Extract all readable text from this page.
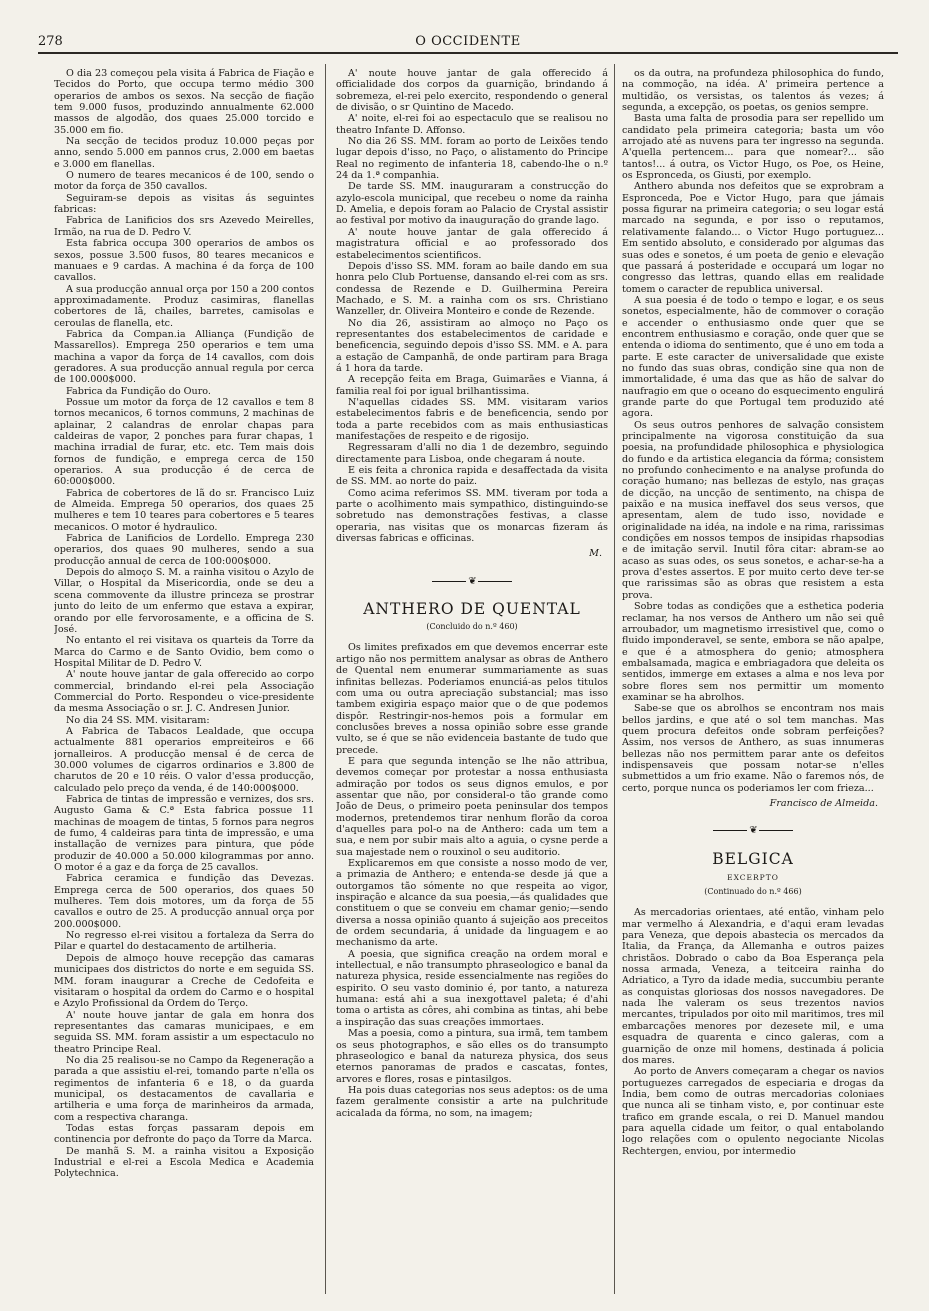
278	O OCCIDENTE

O dia 23 começou pela visita á Fabrica de Fiação e Tecidos do Porto, que occupa termo médio 300 operarios de ambos os sexos. Na secção de fiação tem 9.000 fusos, produzindo annualmente 62.000 massos de algodão, dos quaes 25.000 torcido e 35.000 em fio.

Na secção de tecidos produz 10.000 peças por anno, sendo 5.000 em pannos crus, 2.000 em baetas e 3.000 em flanellas.

O numero de teares mecanicos é de 100, sendo o motor da força de 350 cavallos.

Seguiram-se depois as visitas ás seguintes fabricas:

Fabrica de Lanificios dos srs Azevedo Meirelles, Irmão, na rua de D. Pedro V.

Esta fabrica occupa 300 operarios de ambos os sexos, possue 3.500 fusos, 80 teares mecanicos e manuaes e 9 cardas. A machina é da força de 100 cavallos.

A sua producção annual orça por 150 a 200 contos approximadamente. Produz casimiras, flanellas cobertores de lã, chailes, barretes, camisolas e ceroulas de flanella, etc.

Fabrica da Compan.ia Alliança (Fundição de Massarellos). Emprega 250 operarios e tem uma machina a vapor da força de 14 cavallos, com dois geradores. A sua producção annual regula por cerca de 100.000$000.

Fabrica da Fundição do Ouro.

Possue um motor da força de 12 cavallos e tem 8 tornos mecanicos, 6 tornos communs, 2 machinas de aplainar, 2 calandras de enrolar chapas para caldeiras de vapor, 2 ponches para furar chapas, 1 machina irradial de furar, etc. etc. Tem mais dois fornos de fundição, e emprega cerca de 150 operarios. A sua producção é de cerca de 60:000$000.

Fabrica de cobertores de lã do sr. Francisco Luiz de Almeida. Emprega 50 operarios, dos quaes 25 mulheres e tem 10 teares para cobertores e 5 teares mecanicos. O motor é hydraulico.

Fabrica de Lanificios de Lordello. Emprega 230 operarios, dos quaes 90 mulheres, sendo a sua producção annual de cerca de 100:000$000.

Depois do almoço S. M. a rainha visitou o Azylo de Villar, o Hospital da Misericordia, onde se deu a scena commovente da illustre princeza se prostrar junto do leito de um enfermo que estava a expirar, orando por elle fervorosamente, e a officina de S. José.

No entanto el rei visitava os quarteis da Torre da Marca do Carmo e de Santo Ovidio, bem como o Hospital Militar de D. Pedro V.

A' noute houve jantar de gala offerecido ao corpo commercial, brindando el-rei pela Associação Commercial do Porto. Respondeu o vice-presidente da mesma Associação o sr. J. C. Andresen Junior.

No dia 24 SS. MM. visitaram:

A Fabrica de Tabacos Lealdade, que occupa actualmente 881 operarios empreiteiros e 66 jornalleiros. A producção mensal é de cerca de 30.000 volumes de cigarros ordinarios e 3.800 de charutos de 20 e 10 réis. O valor d'essa producção, calculado pelo preço da venda, é de 140:000$000.

Fabrica de tintas de impressão e vernizes, dos srs. Augusto Gama & C.ª Esta fabrica possue 11 machinas de moagem de tintas, 5 fornos para negros de fumo, 4 caldeiras para tinta de impressão, e uma installação de vernizes para pintura, que póde produzir de 40.000 a 50.000 kilogrammas por anno. O motor é a gaz e da força de 25 cavallos.

Fabrica ceramica e fundição das Devezas. Emprega cerca de 500 operarios, dos quaes 50 mulheres. Tem dois motores, um da força de 55 cavallos e outro de 25. A producção annual orça por 200.000$000.

No regresso el-rei visitou a fortaleza da Serra do Pilar e quartel do destacamento de artilheria.

Depois de almoço houve recepção das camaras municipaes dos districtos do norte e em seguida SS. MM. foram inaugurar a Creche de Cedofeita e visitaram o hospital da ordem do Carmo e o hospital e Azylo Profissional da Ordem do Terço.

A' noute houve jantar de gala em honra dos representantes das camaras municipaes, e em seguida SS. MM. foram assistir a um espectaculo no theatro Principe Real.

No dia 25 realisou-se no Campo da Regeneração a parada a que assistiu el-rei, tomando parte n'ella os regimentos de infanteria 6 e 18, o da guarda municipal, os destacamentos de cavallaria e artilheria e uma força de marinheiros da armada, com a respectiva charanga.

Todas estas forças passaram depois em continencia por defronte do paço da Torre da Marca.

De manhã S. M. a rainha visitou a Exposição Industrial e el-rei a Escola Medica e Academia Polytechnica.

A' noute houve jantar de gala offerecido á officialidade dos corpos da guarnição, brindando á sobremeza, el-rei pelo exercito, respondendo o general de divisão, o sr Quintino de Macedo.

A' noite, el-rei foi ao espectaculo que se realisou no theatro Infante D. Affonso.

No dia 26 SS. MM. foram ao porto de Leixões tendo lugar depois d'isso, no Paço, o alistamento do Principe Real no regimento de infanteria 18, cabendo-lhe o n.º 24 da 1.ª companhia.

De tarde SS. MM. inauguraram a construcção do azylo-escola municipal, que recebeu o nome da rainha D. Amelia, e depois foram ao Palacio de Crystal assistir ao festival por motivo da inauguração do grande lago.

A' noute houve jantar de gala offerecido á magistratura official e ao professorado dos estabelecimentos scientificos.

Depois d'isso SS. MM. foram ao baile dando em sua honra pelo Club Portuense, dansando el-rei com as srs. condessa de Rezende e D. Guilhermina Pereira Machado, e S. M. a rainha com os srs. Christiano Wanzeller, dr. Oliveira Monteiro e conde de Rezende.

No dia 26, assistiram ao almoço no Paço os representantes dos estabelecimentos de caridade e beneficencia, seguindo depois d'isso SS. MM. e A. para a estação de Campanhã, de onde partiram para Braga á 1 hora da tarde.

A recepção feita em Braga, Guimarães e Vianna, á familia real foi por igual brilhantissima.

N'aquellas cidades SS. MM. visitaram varios estabelecimentos fabris e de beneficencia, sendo por toda a parte recebidos com as mais enthusiasticas manifestações de respeito e de rigosijo.

Regressaram d'alli no dia 1 de dezembro, seguindo directamente para Lisboa, onde chegaram á noute.

E eis feita a chronica rapida e desaffectada da visita de SS. MM. ao norte do paiz.

Como acima referimos SS. MM. tiveram por toda a parte o acolhimento mais sympathico, distinguindo-se sobretudo nas demonstrações festivas, a classe operaria, nas visitas que os monarcas fizeram ás diversas fabricas e officinas.

M.
❦
ANTHERO DE QUENTAL

(Concluido do n.º 460)

Os limites prefixados em que devemos encerrar este artigo não nos permittem analysar as obras de Anthero de Quental nem enumerar summariamente as suas infinitas bellezas. Poderiamos enunciá-as pelos titulos com uma ou outra apreciação substancial; mas isso tambem exigiria espaço maior que o de que podemos dispôr. Restringir-nos-hemos pois a formular em conclusões breves a nossa opinião sobre esse grande vulto, se é que se não evidenceia bastante de tudo que precede.

E para que segunda intenção se lhe não attribua, devemos começar por protestar a nossa enthusiasta admiração por todos os seus dignos emulos, e por assentar que não, por consideral-o tão grande como João de Deus, o primeiro poeta peninsular dos tempos modernos, pretendemos tirar nenhum florão da coroa d'aquelles para pol-o na de Anthero: cada um tem a sua, e nem por subir mais alto a aguia, o cysne perde a sua majestade nem o rouxinol o seu auditorio.

Explicaremos em que consiste a nosso modo de ver, a primazia de Anthero; e entenda-se desde já que a outorgamos tão sómente no que respeita ao vigor, inspiração e alcance da sua poesia,—ás qualidades que constituem o que se conveiu em chamar genio;—sendo diversa a nossa opinião quanto á sujeição aos preceitos de ordem secundaria, á unidade da linguagem e ao mechanismo da arte.

A poesia, que significa creação na ordem moral e intellectual, e não transumpto phraseologico e banal da natureza physica, reside essencialmente nas regiões do espirito. O seu vasto dominio é, por tanto, a natureza humana: está ahi a sua inexgottavel paleta; é d'ahi toma o artista as côres, ahi combina as tintas, ahi bebe a inspiração das suas creações immortaes.

Mas a poesia, como a pintura, sua irmã, tem tambem os seus photographos, e são elles os do transumpto phraseologico e banal da natureza physica, dos seus eternos panoramas de prados e cascatas, fontes, arvores e flores, rosas e pintasilgos.

Ha pois duas categorias nos seus adeptos: os de uma fazem geralmente consistir a arte na pulchritude acicalada da fórma, no som, na imagem;

os da outra, na profundeza philosophica do fundo, na commoção, na idéa. A' primeira pertence a multidão, os versistas, os talentos ás vezes; á segunda, a excepção, os poetas, os genios sempre.

Basta uma falta de prosodia para ser repellido um candidato pela primeira categoria; basta um vôo arrojado até as nuvens para ter ingresso na segunda. A'quella pertencem... para que nomear?... são tantos!... á outra, os Victor Hugo, os Poe, os Heine, os Espronceda, os Giusti, por exemplo.

Anthero abunda nos defeitos que se exprobram a Espronceda, Poe e Victor Hugo, para que jámais possa figurar na primeira categoria; o seu logar está marcado na segunda, e por isso o reputamos, relativamente falando... o Victor Hugo portuguez... Em sentido absoluto, e considerado por algumas das suas odes e sonetos, é um poeta de genio e elevação que passará á posteridade e occupará um logar no congresso das lettras, quando ellas em realidade tomem o caracter de republica universal.

A sua poesia é de todo o tempo e logar, e os seus sonetos, especialmente, hão de commover o coração e accender o enthusiasmo onde quer que se encontrem enthusiasmo e coração, onde quer que se entenda o idioma do sentimento, que é uno em toda a parte. E este caracter de universalidade que existe no fundo das suas obras, condição sine qua non de immortalidade, é uma das que as hão de salvar do naufragio em que o oceano do esquecimento engulirá grande parte do que Portugal tem produzido até agora.

Os seus outros penhores de salvação consistem principalmente na vigorosa constituição da sua poesia, na profundidade philosophica e physiologica do fundo e da artistica elegancia da fórma; consistem no profundo conhecimento e na analyse profunda do coração humano; nas bellezas de estylo, nas graças de dicção, na uncção de sentimento, na chispa de paixão e na musica ineffavel dos seus versos, que apresentam, alem de tudo isso, novidade e originalidade na idéa, na indole e na rima, rarissimas condições em nossos tempos de insipidas rhapsodias e de imitação servil. Inutil fôra citar: abram-se ao acaso as suas odes, os seus sonetos, e achar-se-ha a prova d'estes assertos. E por muito certo deve ter-se que rarissimas são as obras que resistem a esta prova.

Sobre todas as condições que a esthetica poderia reclamar, ha nos versos de Anthero um não sei quê arroubador, um magnetismo irresistivel que, como o fluido imponderavel, se sente, embora se não apalpe, e que é a atmosphera do genio; atmosphera embalsamada, magica e embriagadora que deleita os sentidos, immerge em extases a alma e nos leva por sobre flores sem nos permittir um momento examinar se ha abrolhos.

Sabe-se que os abrolhos se encontram nos mais bellos jardins, e que até o sol tem manchas. Mas quem procura defeitos onde sobram perfeições? Assim, nos versos de Anthero, as suas innumeras bellezas não nos permittem parar ante os defeitos indispensaveis que possam notar-se n'elles submettidos a um frio exame. Não o faremos nós, de certo, porque nunca os poderiamos ler com frieza...

Francisco de Almeida.
❦
BELGICA
EXCERPTO

(Continuado do n.º 466)

As mercadorias orientaes, até então, vinham pelo mar vermelho á Alexandria, e d'aqui eram levadas para Veneza, que depois abastecia os mercados da Italia, da França, da Allemanha e outros paizes christãos. Dobrado o cabo da Boa Esperança pela nossa armada, Veneza, a teitceira rainha do Adriatico, a Tyro da idade media, succumbiu perante as conquistas gloriosas dos nossos navegadores. De nada lhe valeram os seus trezentos navios mercantes, tripulados por oito mil maritimos, tres mil embarcações menores por dezesete mil, e uma esquadra de quarenta e cinco galeras, com a guarnição de onze mil homens, destinada á policia dos mares.

Ao porto de Anvers começaram a chegar os navios portuguezes carregados de especiaria e drogas da India, bem como de outras mercadorias coloniaes que nunca ali se tinham visto, e, por continuar este trafico em grande escala, o rei D. Manuel mandou para aquella cidade um feitor, o qual entabolando logo relações com o opulento negociante Nicolas Rechtergen, enviou, por intermedio
